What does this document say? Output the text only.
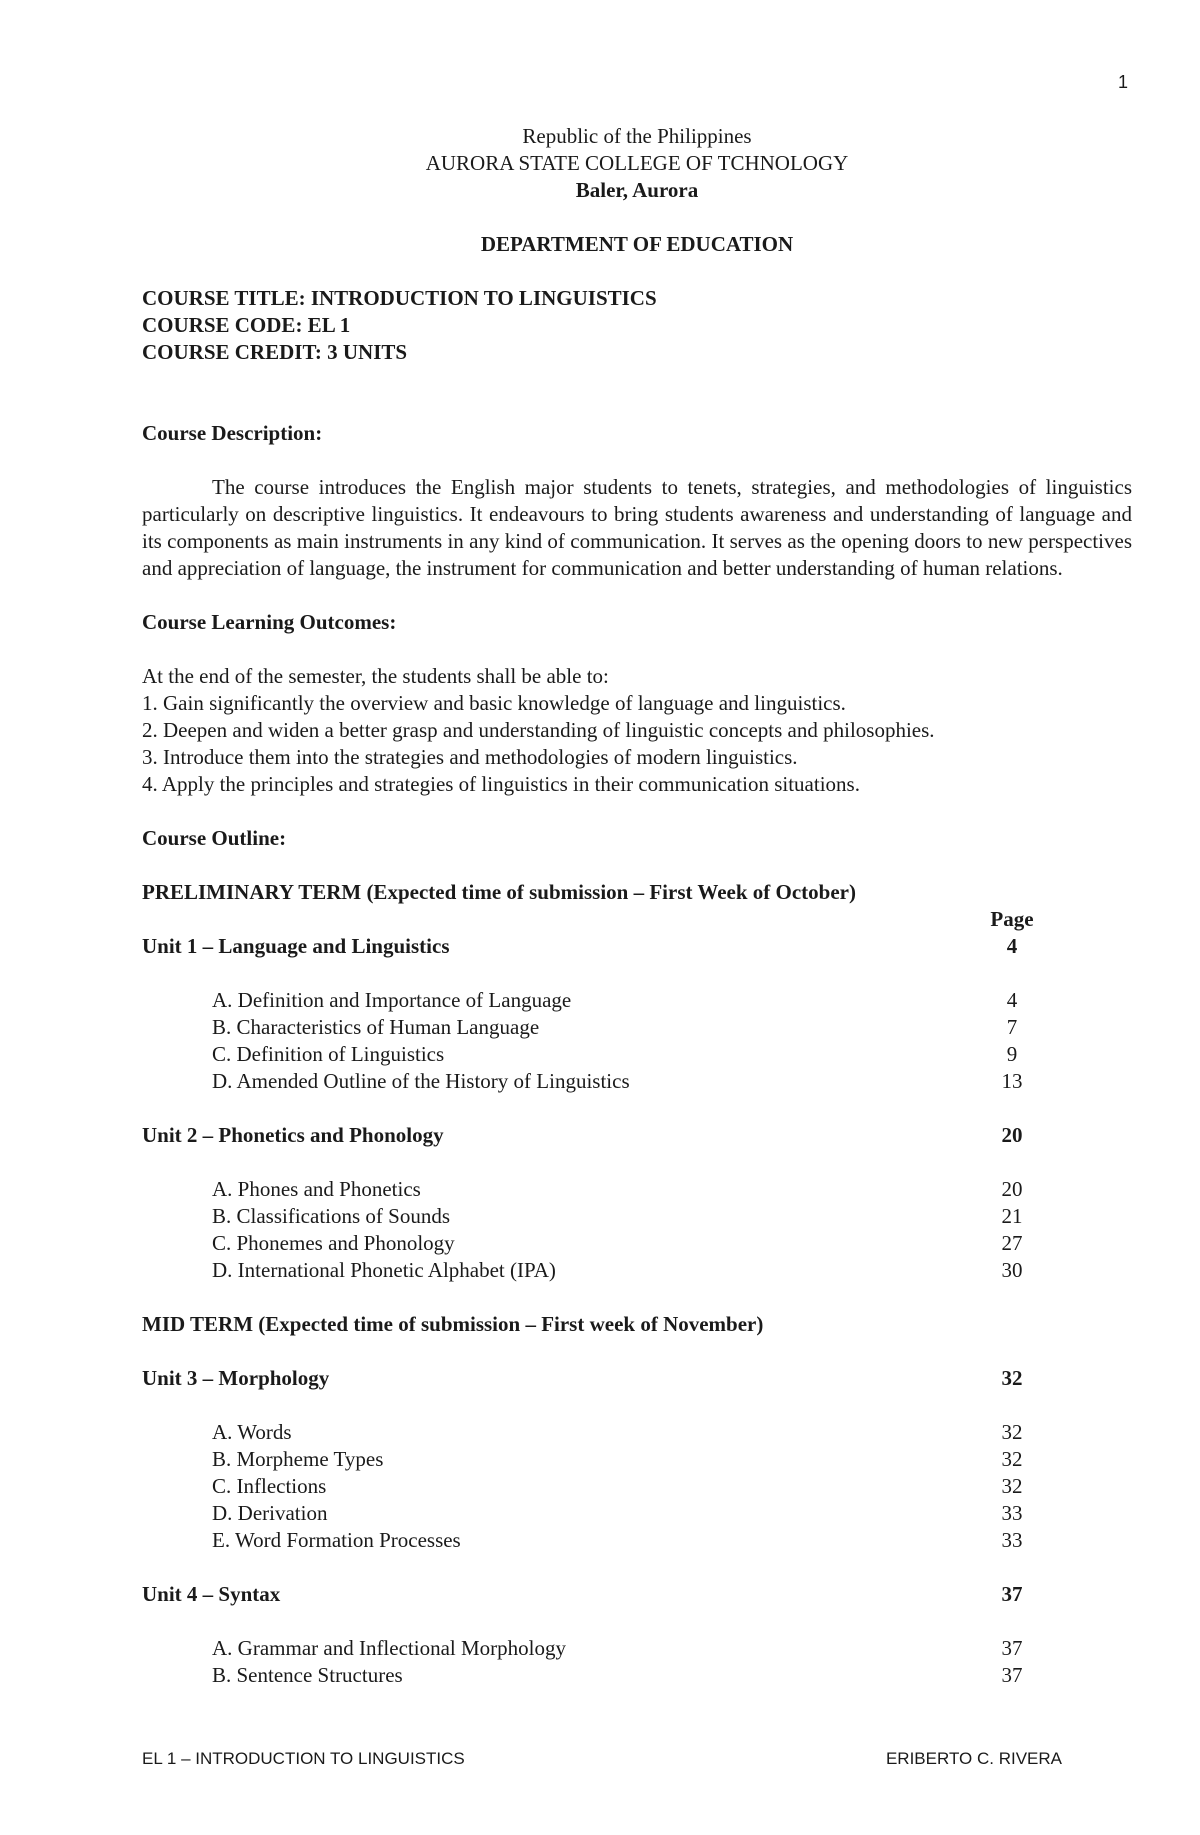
1
Republic of the Philippines
AURORA STATE COLLEGE OF TCHNOLOGY
Baler, Aurora
DEPARTMENT OF EDUCATION
COURSE TITLE: INTRODUCTION TO LINGUISTICS
COURSE CODE: EL 1
COURSE CREDIT: 3 UNITS
Course Description:
The course introduces the English major students to tenets, strategies, and methodologies of linguistics particularly on descriptive linguistics. It endeavours to bring students awareness and understanding of language and its components as main instruments in any kind of communication. It serves as the opening doors to new perspectives and appreciation of language, the instrument for communication and better understanding of human relations.
Course Learning Outcomes:
At the end of the semester, the students shall be able to:
1. Gain significantly the overview and basic knowledge of language and linguistics.
2. Deepen and widen a better grasp and understanding of linguistic concepts and philosophies.
3. Introduce them into the strategies and methodologies of modern linguistics.
4. Apply the principles and strategies of linguistics in their communication situations.
Course Outline:
PRELIMINARY TERM (Expected time of submission – First Week of October)
Page
Unit 1 – Language and Linguistics	4
A. Definition and Importance of Language	4
B. Characteristics of Human Language	7
C. Definition of Linguistics	9
D. Amended Outline of the History of Linguistics	13
Unit 2 – Phonetics and Phonology	20
A. Phones and Phonetics	20
B. Classifications of Sounds	21
C. Phonemes and Phonology	27
D. International Phonetic Alphabet (IPA)	30
MID TERM (Expected time of submission – First week of November)
Unit 3 – Morphology	32
A. Words	32
B. Morpheme Types	32
C. Inflections	32
D. Derivation	33
E. Word Formation Processes	33
Unit 4 – Syntax	37
A. Grammar and Inflectional Morphology	37
B. Sentence Structures	37
EL 1 – INTRODUCTION TO LINGUISTICS	ERIBERTO C. RIVERA
